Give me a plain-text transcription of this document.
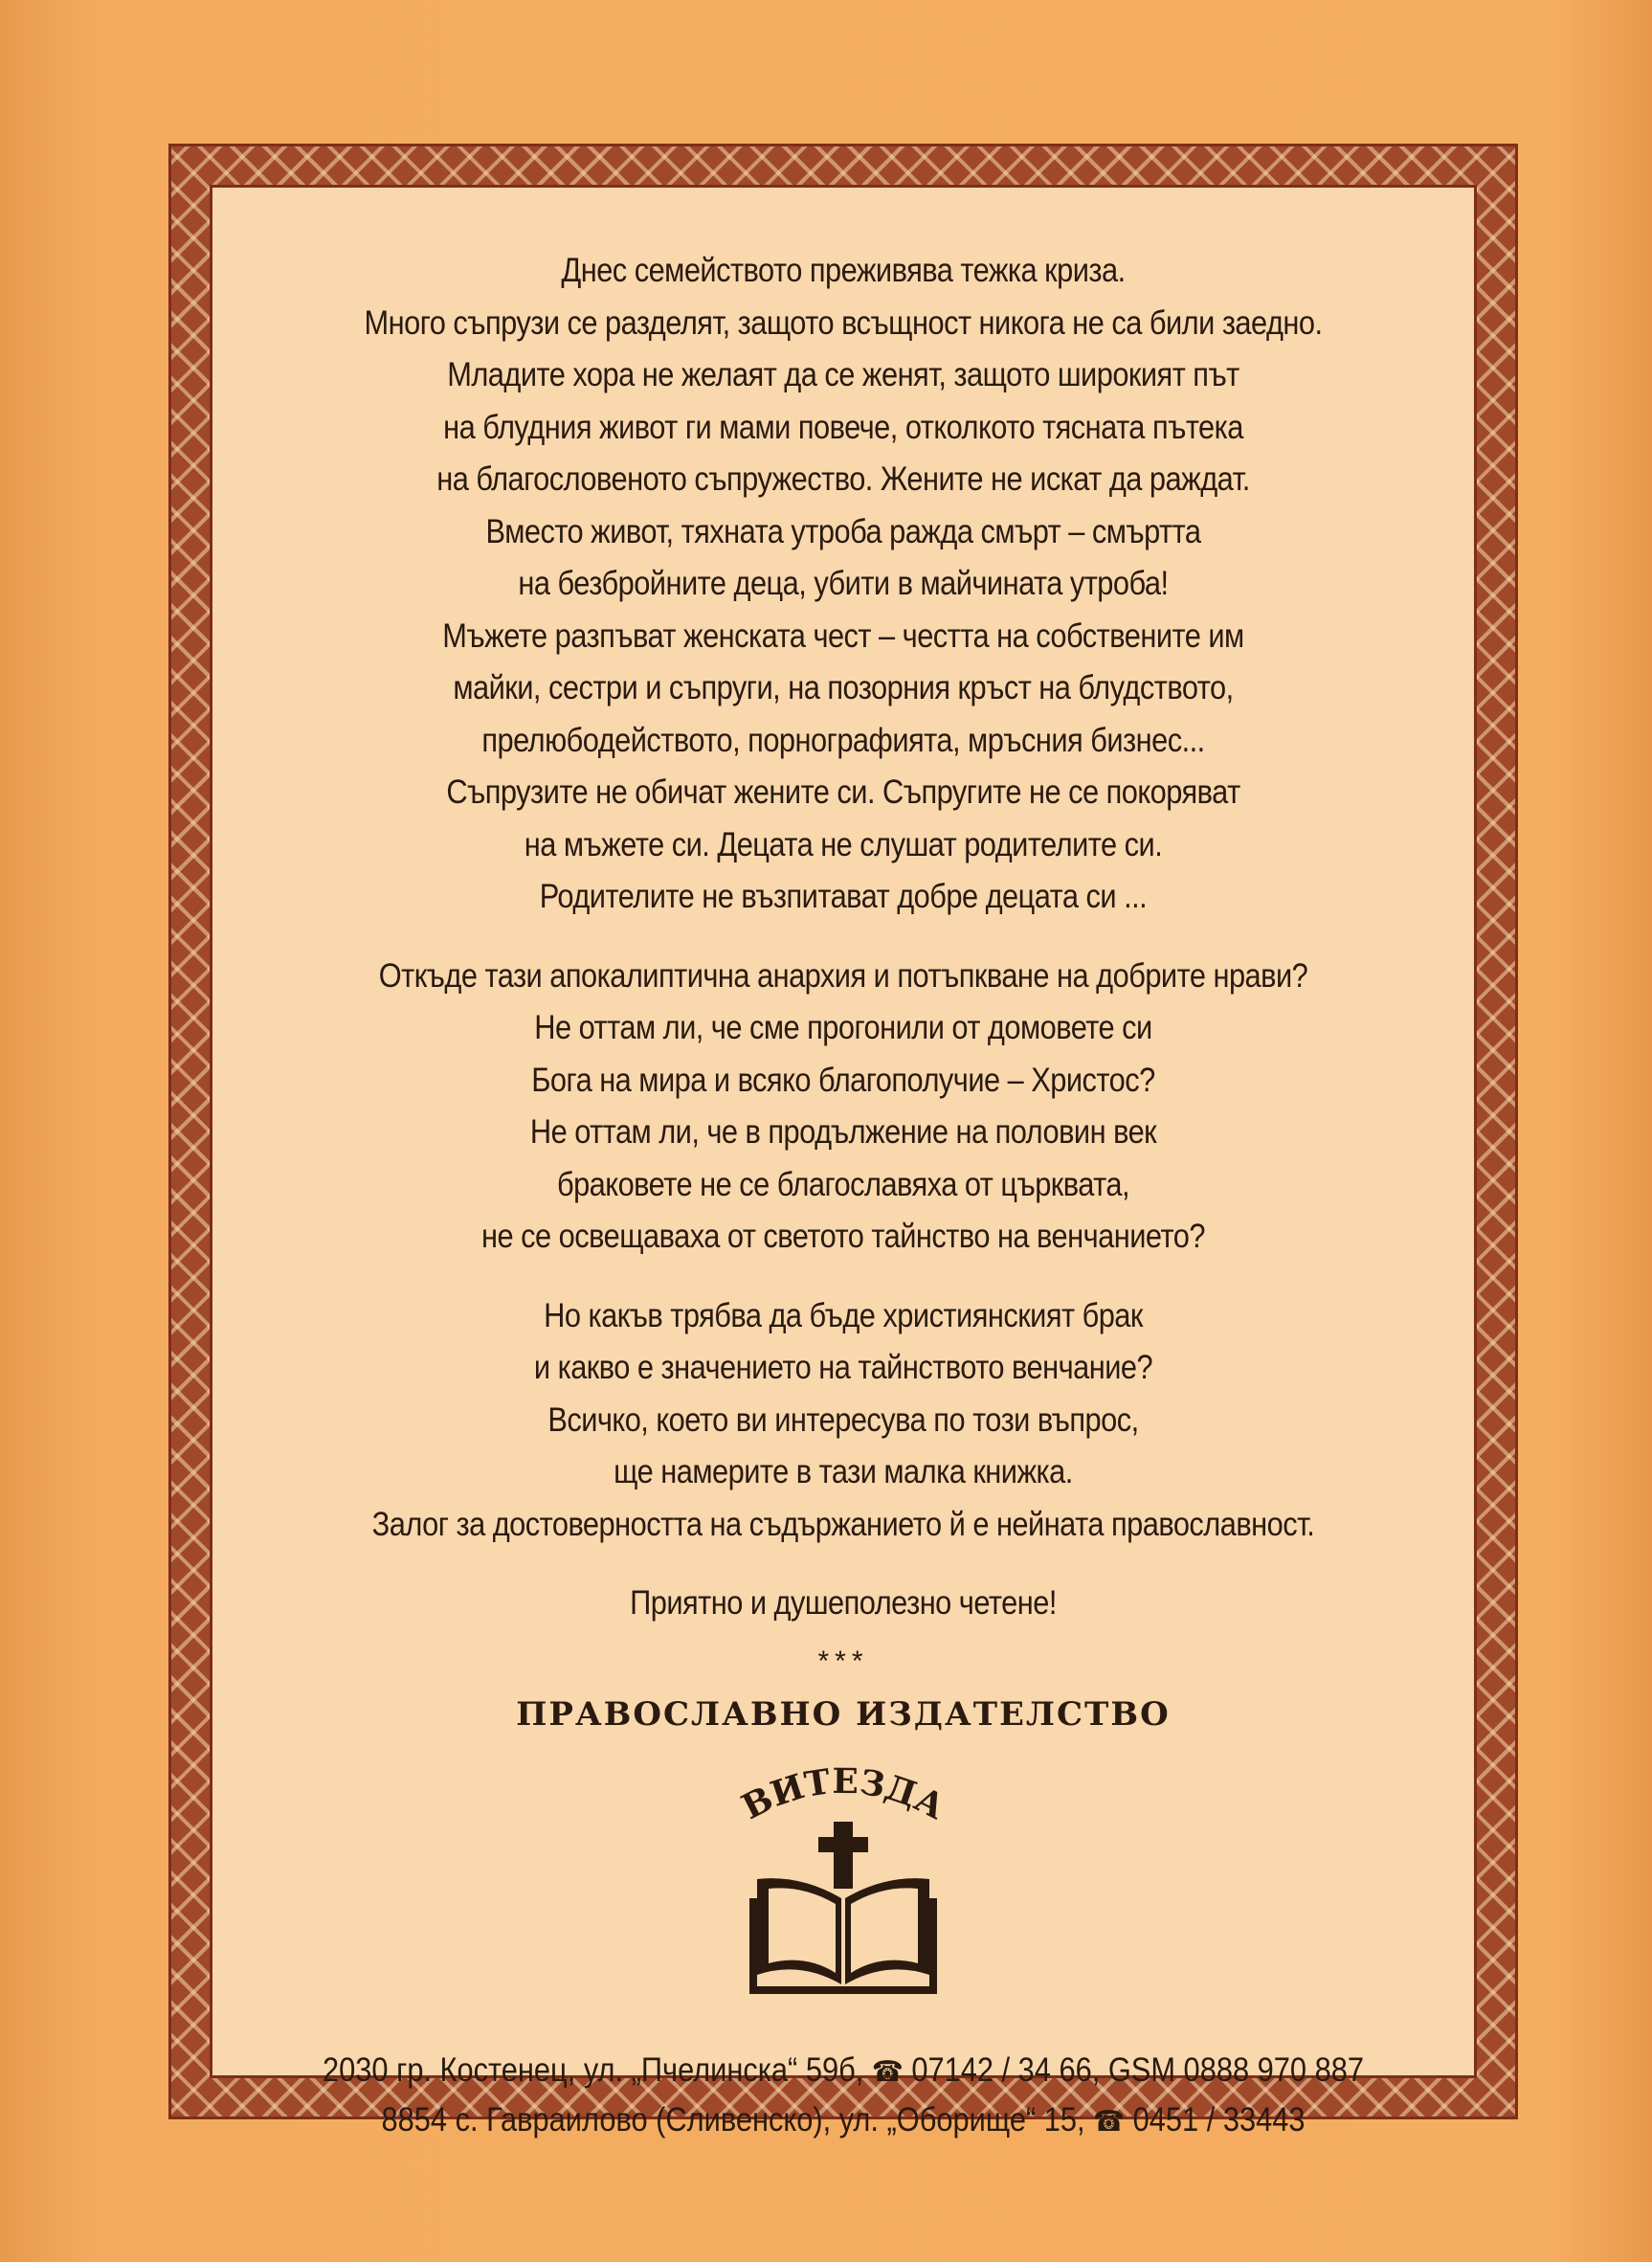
Днес семейството преживява тежка криза.
Много съпрузи се разделят, защото всъщност никога не са били заедно.
Младите хора не желаят да се женят, защото широкият път
на блудния живот ги мами повече, отколкото тясната пътека
на благословеното съпружество. Жените не искат да раждат.
Вместо живот, тяхната утроба ражда смърт – смъртта
на безбройните деца, убити в майчината утроба!
Мъжете разпъват женската чест – честта на собствените им
майки, сестри и съпруги, на позорния кръст на блудството,
прелюбодейството, порнографията, мръсния бизнес...
Съпрузите не обичат жените си. Съпругите не се покоряват
на мъжете си. Децата не слушат родителите си.
Родителите не възпитават добре децата си ...
Откъде тази апокалиптична анархия и потъпкване на добрите нрави?
Не оттам ли, че сме прогонили от домовете си
Бога на мира и всяко благополучие – Христос?
Не оттам ли, че в продължение на половин век
браковете не се благославяха от църквата,
не се освещаваха от светото тайнство на венчанието?
Но какъв трябва да бъде християнският брак
и какво е значението на тайнството венчание?
Всичко, което ви интересува по този въпрос,
ще намерите в тази малка книжка.
Залог за достоверността на съдържанието й е нейната православност.
Приятно и душеполезно четене!
***
ПРАВОСЛАВНО ИЗДАТЕЛСТВО
ВИТЕЗДА
2030 гр. Костенец, ул. „Пчелинска“ 59б, ☎ 07142 / 34 66, GSM 0888 970 887
8854 с. Гавраилово (Сливенско), ул. „Оборище“ 15, ☎ 0451 / 33443
